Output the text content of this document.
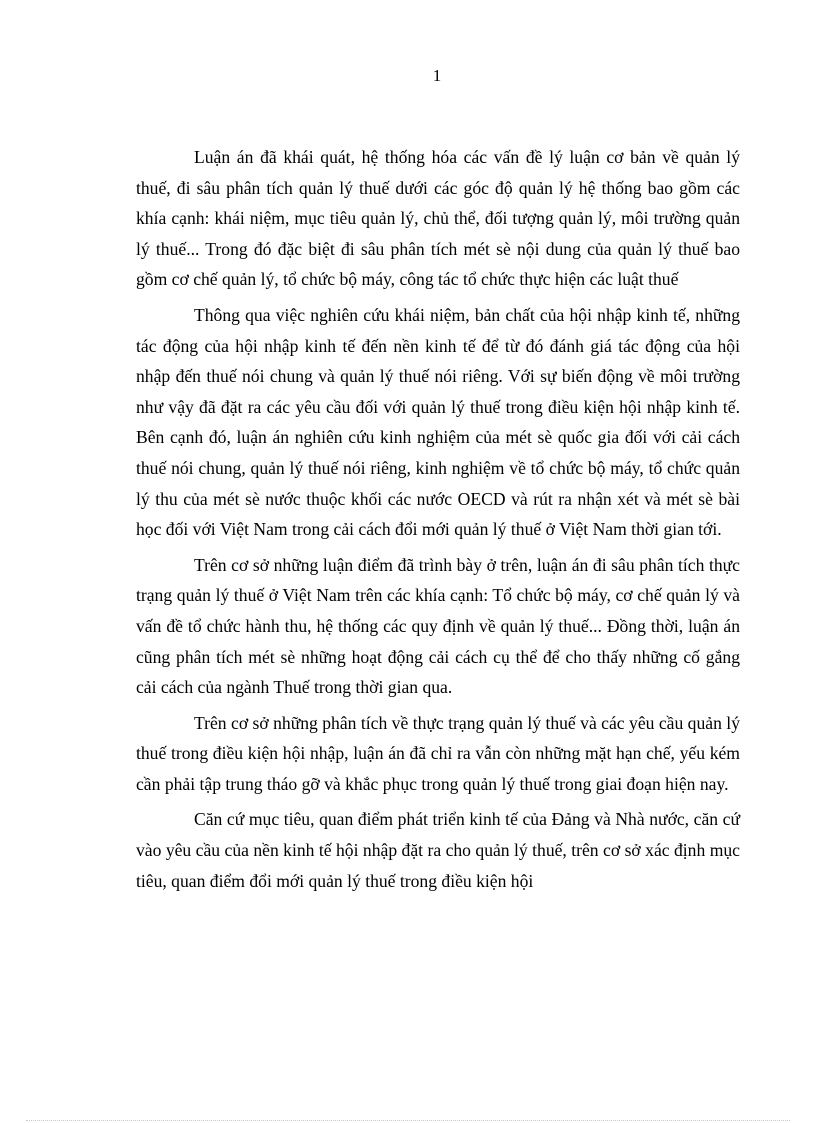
1

Luận án đã khái quát, hệ thống hóa các vấn đề lý luận cơ bản về quản lý thuế, đi sâu phân tích quản lý thuế dưới các góc độ quản lý hệ thống bao gồm các khía cạnh: khái niệm, mục tiêu quản lý, chủ thể, đối tượng quản lý, môi trường quản lý thuế... Trong đó đặc biệt đi sâu phân tích mét sè nội dung của quản lý thuế bao gồm cơ chế quản lý, tổ chức bộ máy, công tác tổ chức thực hiện các luật thuế

Thông qua việc nghiên cứu khái niệm, bản chất của hội nhập kinh tế, những tác động của hội nhập kinh tế đến nền kinh tế để từ đó đánh giá tác động của hội nhập đến thuế nói chung và quản lý thuế nói riêng. Với sự biến động về môi trường như vậy đã đặt ra các yêu cầu đối với quản lý thuế trong điều kiện hội nhập kinh tế. Bên cạnh đó, luận án nghiên cứu kinh nghiệm của mét sè quốc gia đối với cải cách thuế nói chung, quản lý thuế nói riêng, kinh nghiệm về tổ chức bộ máy, tổ chức quản lý thu của mét sè nước thuộc khối các nước OECD và rút ra nhận xét và mét sè bài học đối với Việt Nam trong cải cách đổi mới quản lý thuế ở Việt Nam thời gian tới.

Trên cơ sở những luận điểm đã trình bày ở trên, luận án đi sâu phân tích thực trạng quản lý thuế ở Việt Nam trên các khía cạnh: Tổ chức bộ máy, cơ chế quản lý và vấn đề tổ chức hành thu, hệ thống các quy định về quản lý thuế... Đồng thời, luận án cũng phân tích mét sè những hoạt động cải cách cụ thể để cho thấy những cố gắng cải cách của ngành Thuế trong thời gian qua.

Trên cơ sở những phân tích về thực trạng quản lý thuế và các yêu cầu quản lý thuế trong điều kiện hội nhập, luận án đã chỉ ra vẫn còn những mặt hạn chế, yếu kém cần phải tập trung tháo gỡ và khắc phục trong quản lý thuế trong giai đoạn hiện nay.

Căn cứ mục tiêu, quan điểm phát triển kinh tế của Đảng và Nhà nước, căn cứ vào yêu cầu của nền kinh tế hội nhập đặt ra cho quản lý thuế, trên cơ sở xác định mục tiêu, quan điểm đổi mới quản lý thuế trong điều kiện hội
